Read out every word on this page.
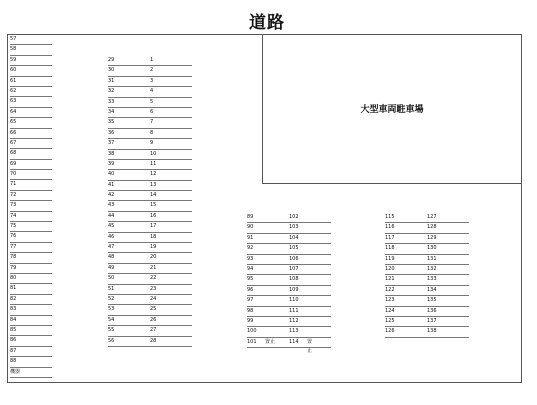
道路
大型車両駐車場
57
58
59
60
61
62
63
64
65
66
67
68
69
70
71
72
73
74
75
76
77
78
79
80
81
82
83
84
85
86
87
88
機器
29	1
30	2
31	3
32	4
33	5
34	6
35	7
36	8
37	9
38	10
39	11
40	12
41	13
42	14
43	15
44	16
45	17
46	18
47	19
48	20
49	21
50	22
51	23
52	24
53	25
54	26
55	27
56	28
89	102
90	103
91	104
92	105
93	106
94	107
95	108
96	109
97	110
98	111
99	112
100	113
101 置止	114 置止
115	127
116	128
117	129
118	130
119	131
120	132
121	133
122	134
123	135
124	136
125	137
126	138
